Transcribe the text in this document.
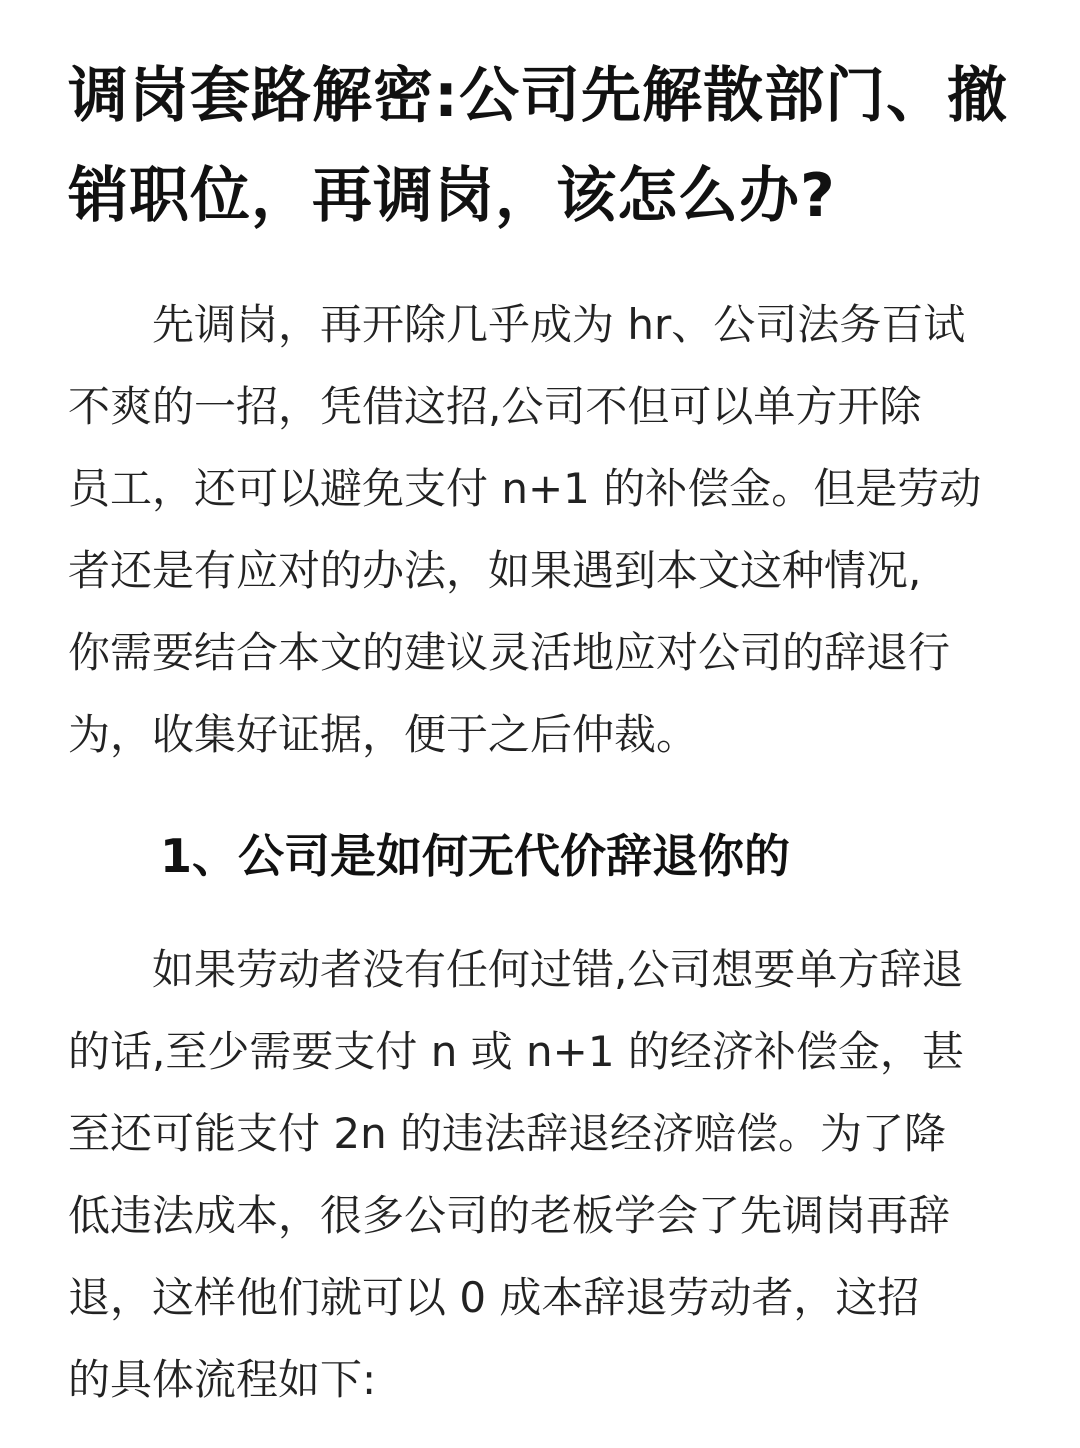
调岗套路解密:公司先解散部门、撤
销职位，再调岗，该怎么办?

　　先调岗，再开除几乎成为 hr、公司法务百试
不爽的一招，凭借这招,公司不但可以单方开除
员工，还可以避免支付 n+1 的补偿金。但是劳动
者还是有应对的办法，如果遇到本文这种情况,
你需要结合本文的建议灵活地应对公司的辞退行
为，收集好证据，便于之后仲裁。

1、公司是如何无代价辞退你的

　　如果劳动者没有任何过错,公司想要单方辞退
的话,至少需要支付 n 或 n+1 的经济补偿金，甚
至还可能支付 2n 的违法辞退经济赔偿。为了降
低违法成本，很多公司的老板学会了先调岗再辞
退，这样他们就可以 0 成本辞退劳动者，这招
的具体流程如下:
